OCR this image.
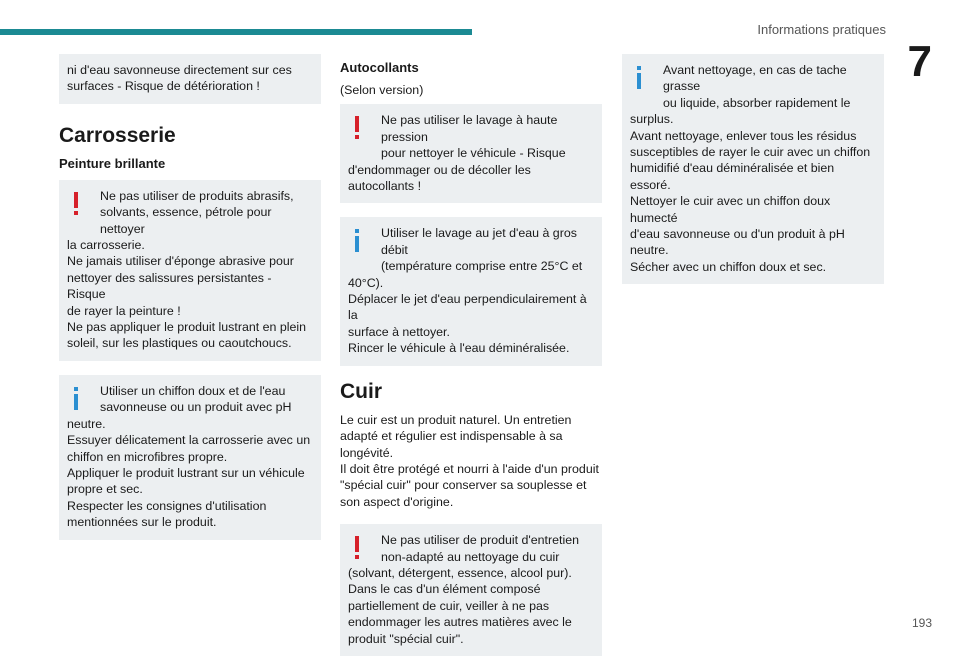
Informations pratiques
7
ni d'eau savonneuse directement sur ces
surfaces - Risque de détérioration !
Carrosserie
Peinture brillante
Ne pas utiliser de produits abrasifs,
solvants, essence, pétrole pour nettoyer
la carrosserie.
Ne jamais utiliser d'éponge abrasive pour
nettoyer des salissures persistantes - Risque
de rayer la peinture !
Ne pas appliquer le produit lustrant en plein
soleil, sur les plastiques ou caoutchoucs.
Utiliser un chiffon doux et de l'eau
savonneuse ou un produit avec pH
neutre.
Essuyer délicatement la carrosserie avec un
chiffon en microfibres propre.
Appliquer le produit lustrant sur un véhicule
propre et sec.
Respecter les consignes d'utilisation
mentionnées sur le produit.
Autocollants

(Selon version)

Ne pas utiliser le lavage à haute pression
pour nettoyer le véhicule - Risque
d'endommager ou de décoller les
autocollants !
Utiliser le lavage au jet d'eau à gros débit
(température comprise entre 25°C et
40°C).
Déplacer le jet d'eau perpendiculairement à la
surface à nettoyer.
Rincer le véhicule à l'eau déminéralisée.
Cuir

Le cuir est un produit naturel. Un entretien
adapté et régulier est indispensable à sa
longévité.
Il doit être protégé et nourri à l'aide d'un produit
"spécial cuir" pour conserver sa souplesse et
son aspect d'origine.

Ne pas utiliser de produit d'entretien
non-adapté au nettoyage du cuir
(solvant, détergent, essence, alcool pur).
Dans le cas d'un élément composé
partiellement de cuir, veiller à ne pas
endommager les autres matières avec le
produit "spécial cuir".
Avant nettoyage, en cas de tache grasse
ou liquide, absorber rapidement le
surplus.
Avant nettoyage, enlever tous les résidus
susceptibles de rayer le cuir avec un chiffon
humidifié d'eau déminéralisée et bien essoré.
Nettoyer le cuir avec un chiffon doux humecté
d'eau savonneuse ou d'un produit à pH
neutre.
Sécher avec un chiffon doux et sec.
193
